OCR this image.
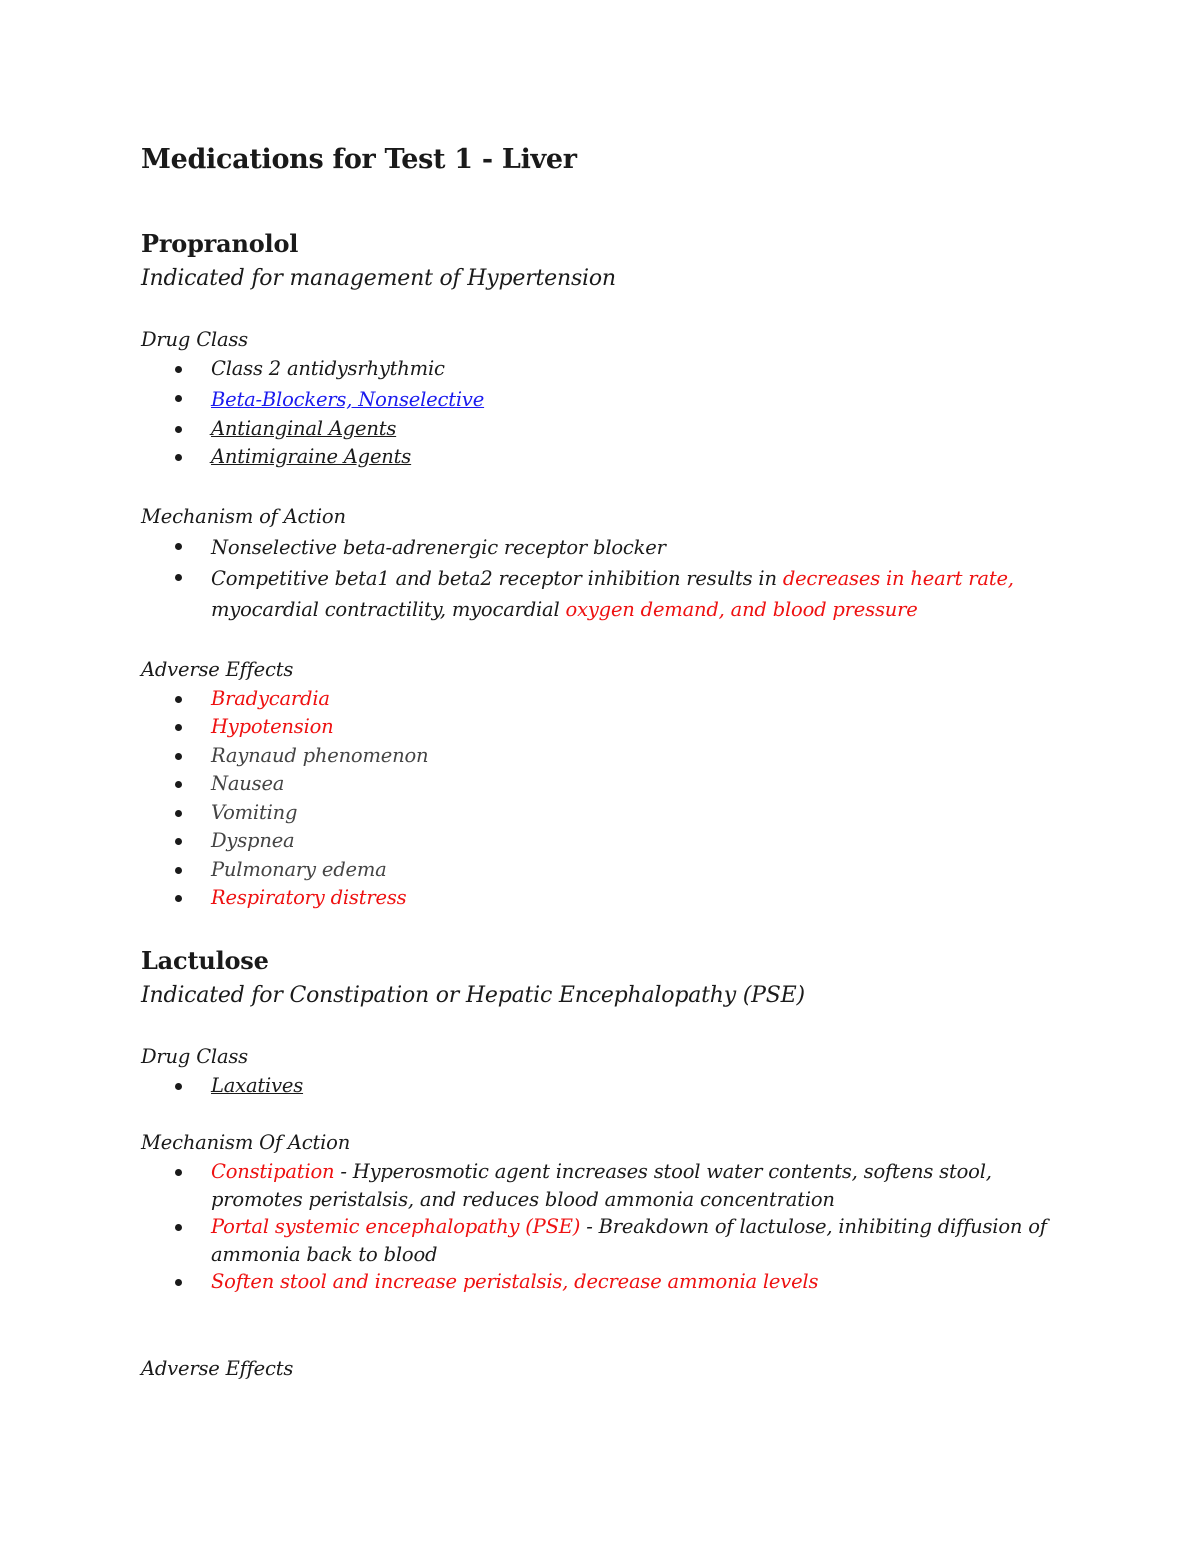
Medications for Test 1 - Liver
Propranolol

Indicated for management of Hypertension

Drug Class

Class 2 antidysrhythmic
Beta-Blockers, Nonselective
Antianginal Agents
Antimigraine Agents

Mechanism of Action

Nonselective beta-adrenergic receptor blocker
Competitive beta1 and beta2 receptor inhibition results in decreases in heart rate,
myocardial contractility, myocardial oxygen demand, and blood pressure

Adverse Effects

Bradycardia
Hypotension
Raynaud phenomenon
Nausea
Vomiting
Dyspnea
Pulmonary edema
Respiratory distress
Lactulose

Indicated for Constipation or Hepatic Encephalopathy (PSE)

Drug Class

Laxatives

Mechanism Of Action

Constipation - Hyperosmotic agent increases stool water contents, softens stool, promotes peristalsis, and reduces blood ammonia concentration
Portal systemic encephalopathy (PSE) - Breakdown of lactulose, inhibiting diffusion of ammonia back to blood
Soften stool and increase peristalsis, decrease ammonia levels

Adverse Effects
